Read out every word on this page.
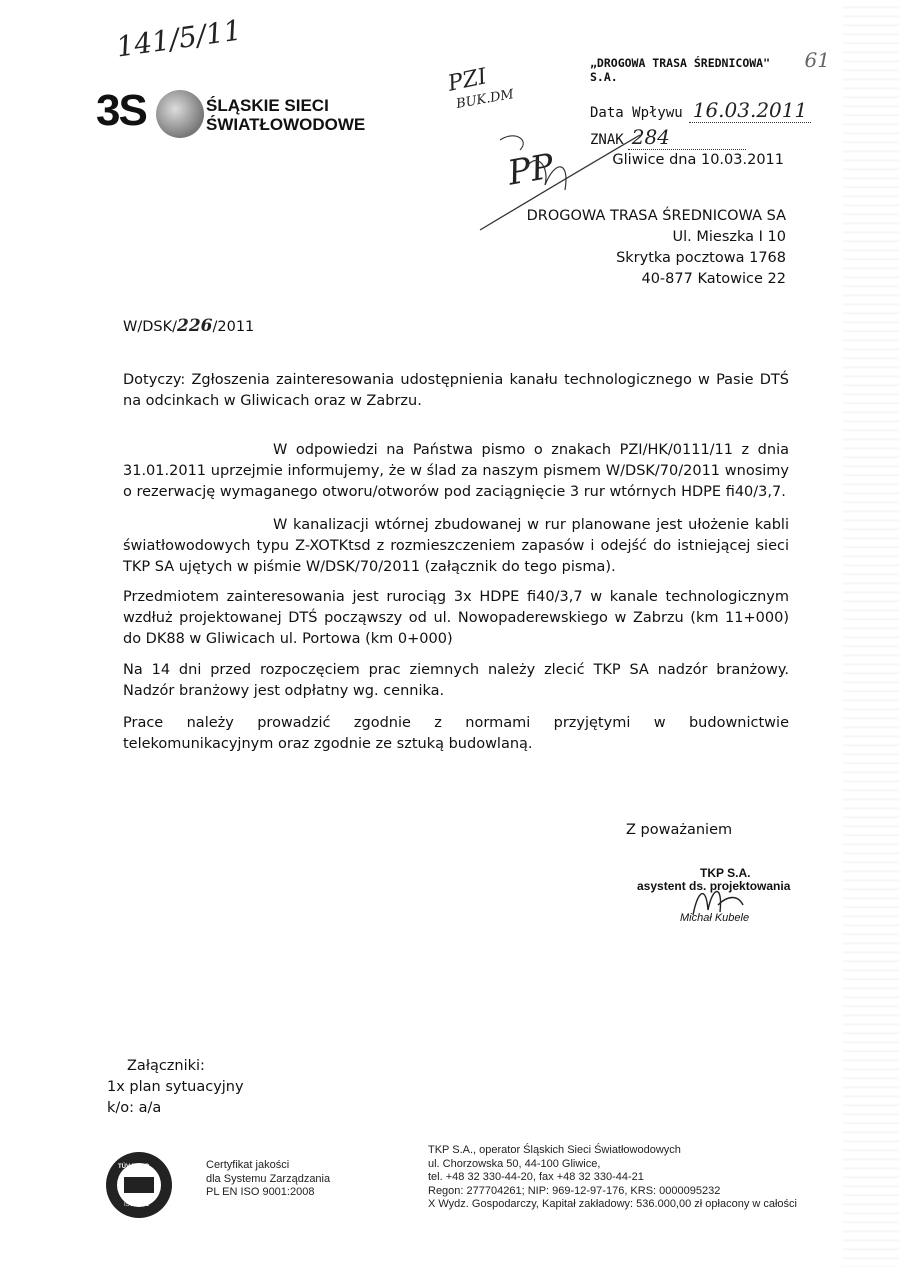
141/5/11
3S	ŚLĄSKIE SIECI
ŚWIATŁOWODOWE
„DROGOWA TRASA ŚREDNICOWA" S.A.
61
Data Wpływu 16.03.2011
ZNAK 284
PZI
BUK.DM
PP	Gliwice dna 10.03.2011
DROGOWA TRASA ŚREDNICOWA SA
Ul. Mieszka I 10
Skrytka pocztowa 1768
40-877 Katowice 22
W/DSK/226/2011
Dotyczy: Zgłoszenia zainteresowania udostępnienia kanału technologicznego w Pasie DTŚ na odcinkach w Gliwicach oraz w Zabrzu.
W odpowiedzi na Państwa pismo o znakach PZI/HK/0111/11 z dnia 31.01.2011 uprzejmie informujemy, że w ślad za naszym pismem W/DSK/70/2011 wnosimy o rezerwację wymaganego otworu/otworów pod zaciągnięcie 3 rur wtórnych HDPE fi40/3,7.
W kanalizacji wtórnej zbudowanej w rur planowane jest ułożenie kabli światłowodowych typu Z-XOTKtsd z rozmieszczeniem zapasów i odejść do istniejącej sieci TKP SA ujętych w piśmie W/DSK/70/2011 (załącznik do tego pisma).
Przedmiotem zainteresowania jest rurociąg 3x HDPE fi40/3,7 w kanale technologicznym wzdłuż projektowanej DTŚ począwszy od ul. Nowopaderewskiego w Zabrzu (km 11+000) do DK88 w Gliwicach ul. Portowa (km 0+000)
Na 14 dni przed rozpoczęciem prac ziemnych należy zlecić TKP SA nadzór branżowy. Nadzór branżowy jest odpłatny wg. cennika.
Prace należy prowadzić zgodnie z normami przyjętymi w budownictwie telekomunikacyjnym oraz zgodnie ze sztuką budowlaną.
Z poważaniem
TKP S.A.
asystent ds. projektowania
Michał Kubele
Załączniki:
1x plan sytuacyjny
k/o: a/a
TÜV NORD
ISO 9001
Certyfikat jakości
dla Systemu Zarządzania
PL EN ISO 9001:2008
TKP S.A., operator Śląskich Sieci Światłowodowych
ul. Chorzowska 50, 44-100 Gliwice,
tel. +48 32 330-44-20, fax +48 32 330-44-21
Regon: 277704261; NIP: 969-12-97-176, KRS: 0000095232
X Wydz. Gospodarczy, Kapitał zakładowy: 536.000,00 zł opłacony w całości
